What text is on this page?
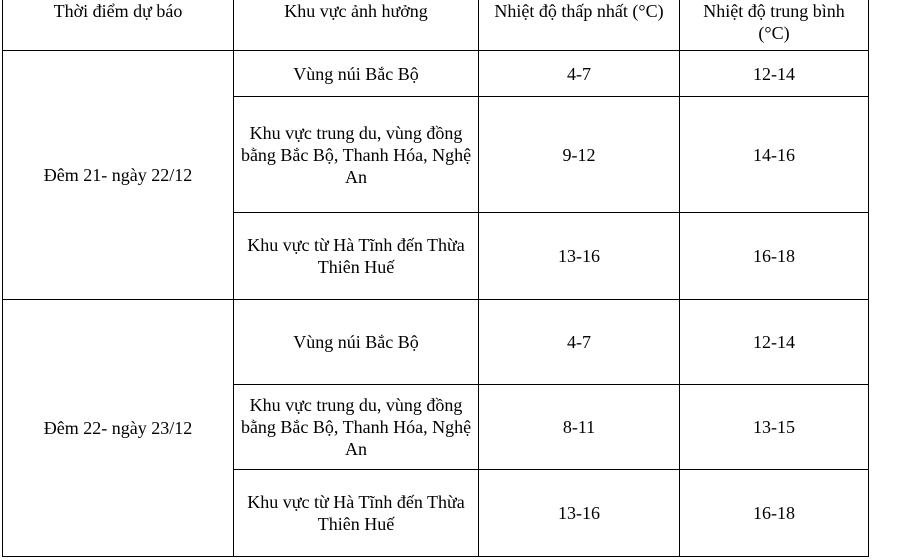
Thời điểm dự báo	Khu vực ảnh hưởng	Nhiệt độ thấp nhất (°C)	Nhiệt độ trung bình (°C)
Đêm 21- ngày 22/12	Vùng núi Bắc Bộ	4-7	12-14
	Khu vực trung du, vùng đồng bằng Bắc Bộ, Thanh Hóa, Nghệ An	9-12	14-16
	Khu vực từ Hà Tĩnh đến Thừa Thiên Huế	13-16	16-18
Đêm 22- ngày 23/12	Vùng núi Bắc Bộ	4-7	12-14
	Khu vực trung du, vùng đồng bằng Bắc Bộ, Thanh Hóa, Nghệ An	8-11	13-15
	Khu vực từ Hà Tĩnh đến Thừa Thiên Huế	13-16	16-18
